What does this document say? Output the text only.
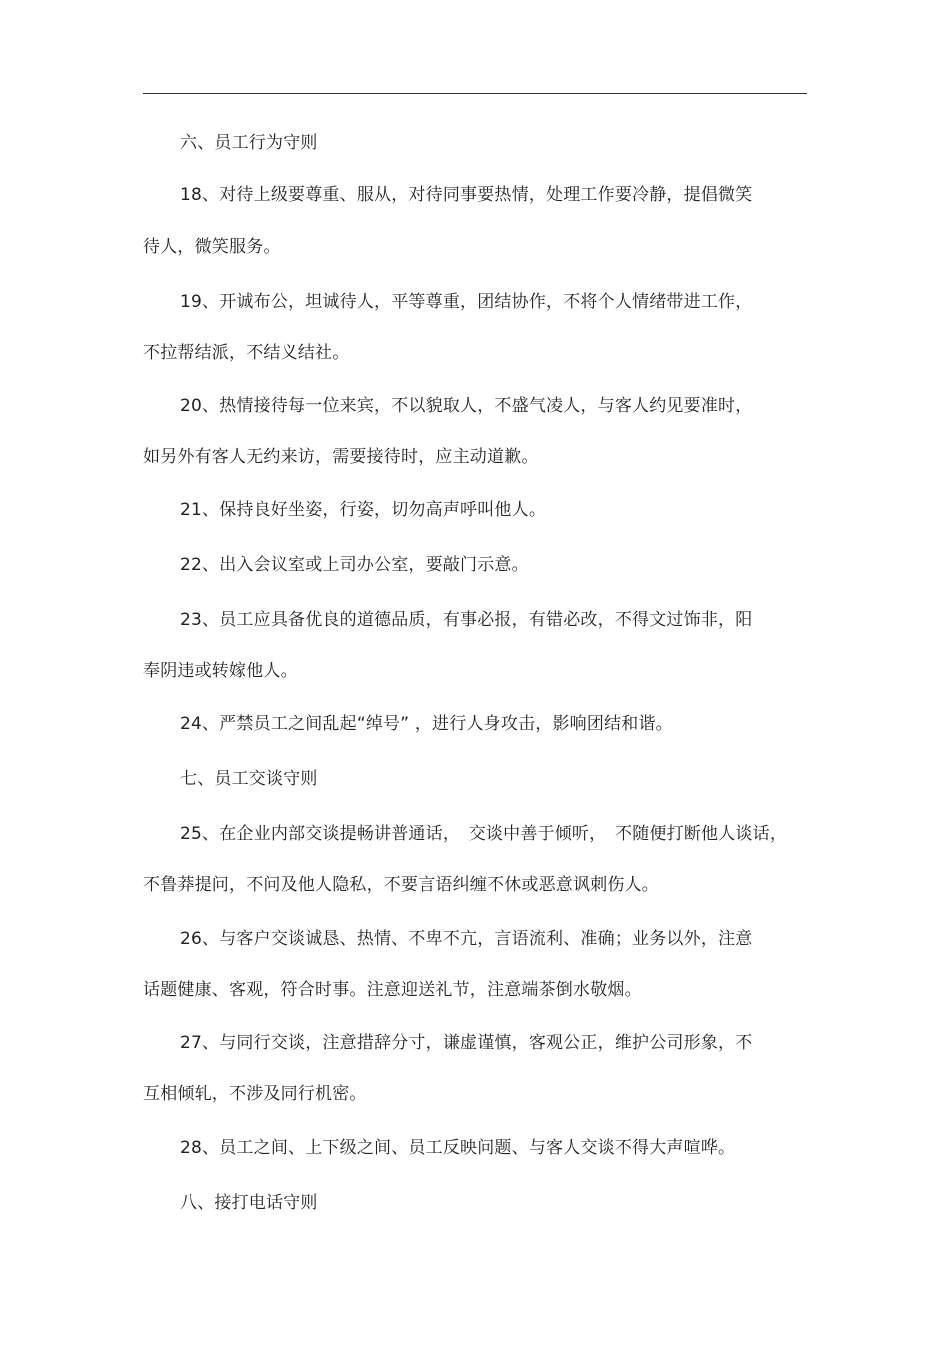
六、员工行为守则
18、对待上级要尊重、服从，对待同事要热情，处理工作要冷静，提倡微笑
待人，微笑服务。
19、开诚布公，坦诚待人，平等尊重，团结协作，不将个人情绪带进工作，
不拉帮结派，不结义结社。
20、热情接待每一位来宾，不以貌取人，不盛气凌人，与客人约见要准时，
如另外有客人无约来访，需要接待时，应主动道歉。
21、保持良好坐姿，行姿，切勿高声呼叫他人。
22、出入会议室或上司办公室，要敲门示意。
23、员工应具备优良的道德品质，有事必报，有错必改，不得文过饰非，阳
奉阴违或转嫁他人。
24、严禁员工之间乱起“绰号” ，进行人身攻击，影响团结和谐。
七、员工交谈守则
25、在企业内部交谈提畅讲普通话，　交谈中善于倾听，　不随便打断他人谈话，
不鲁莽提问，不问及他人隐私，不要言语纠缠不休或恶意讽刺伤人。
26、与客户交谈诚恳、热情、不卑不亢，言语流利、准确；业务以外，注意
话题健康、客观，符合时事。注意迎送礼节，注意端茶倒水敬烟。
27、与同行交谈，注意措辞分寸，谦虚谨慎，客观公正，维护公司形象，不
互相倾轧，不涉及同行机密。
28、员工之间、上下级之间、员工反映问题、与客人交谈不得大声喧哗。
八、接打电话守则
